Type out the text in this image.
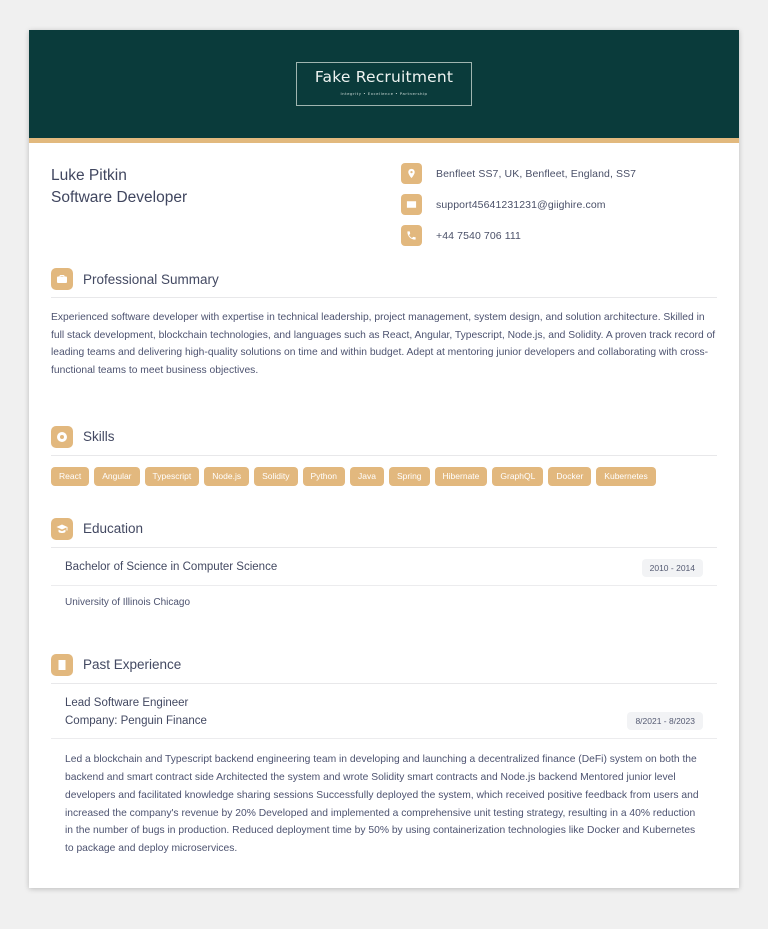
Fake Recruitment
Integrity • Excellence • Partnership
Luke Pitkin
Software Developer
Benfleet SS7, UK, Benfleet, England, SS7
support45641231231@giighire.com
+44 7540 706 111
Professional Summary
Experienced software developer with expertise in technical leadership, project management, system design, and solution architecture. Skilled in full stack development, blockchain technologies, and languages such as React, Angular, Typescript, Node.js, and Solidity. A proven track record of leading teams and delivering high-quality solutions on time and within budget. Adept at mentoring junior developers and collaborating with cross-functional teams to meet business objectives.
Skills
React	Angular	Typescript	Node.js	Solidity	Python	Java	Spring	Hibernate	GraphQL	Docker	Kubernetes
Education
Bachelor of Science in Computer Science	2010 - 2014
University of Illinois Chicago
Past Experience
Lead Software Engineer
Company: Penguin Finance	8/2021 - 8/2023
Led a blockchain and Typescript backend engineering team in developing and launching a decentralized finance (DeFi) system on both the backend and smart contract side Architected the system and wrote Solidity smart contracts and Node.js backend Mentored junior level developers and facilitated knowledge sharing sessions Successfully deployed the system, which received positive feedback from users and increased the company's revenue by 20% Developed and implemented a comprehensive unit testing strategy, resulting in a 40% reduction in the number of bugs in production. Reduced deployment time by 50% by using containerization technologies like Docker and Kubernetes to package and deploy microservices.
